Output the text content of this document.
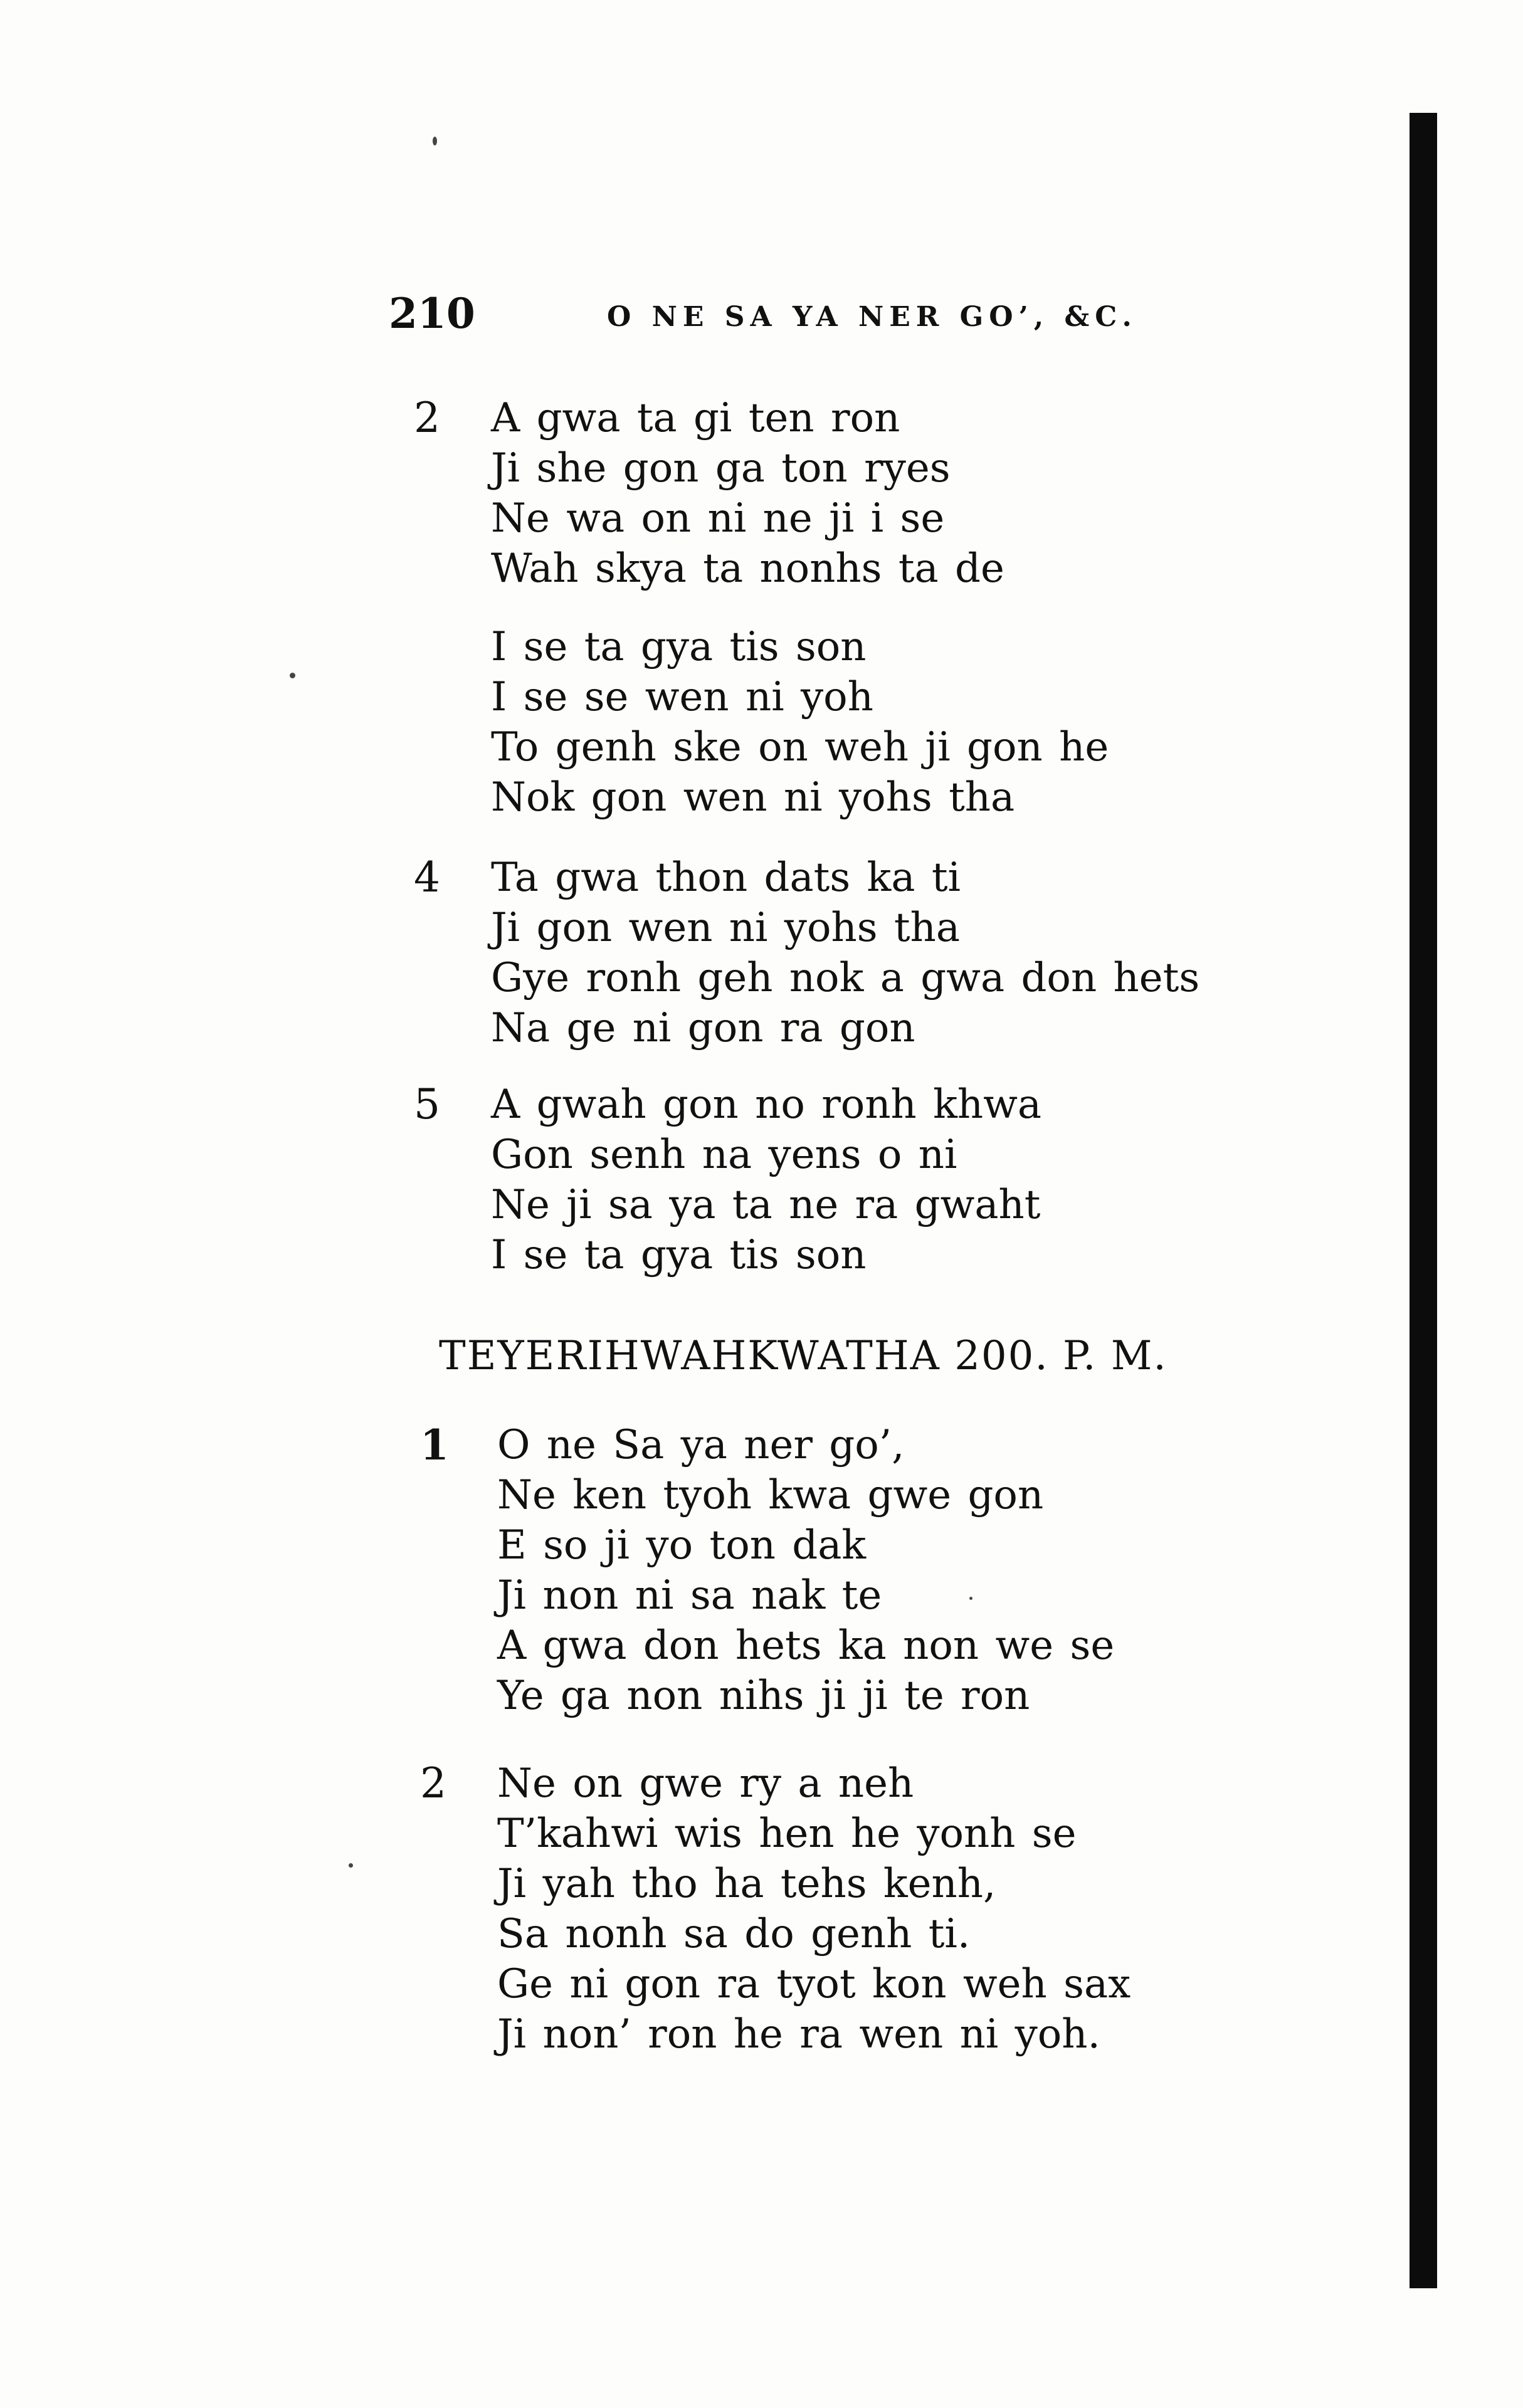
210	O NE SA YA NER GO’, &C.
2 A gwa ta gi ten ron
Ji she gon ga ton ryes
Ne wa on ni ne ji i se
Wah skya ta nonhs ta de
I se ta gya tis son
I se se wen ni yoh
To genh ske on weh ji gon he
Nok gon wen ni yohs tha
4 Ta gwa thon dats ka ti
Ji gon wen ni yohs tha
Gye ronh geh nok a gwa don hets
Na ge ni gon ra gon
5 A gwah gon no ronh khwa
Gon senh na yens o ni
Ne ji sa ya ta ne ra gwaht
I se ta gya tis son
TEYERIHWAHKWATHA 200. P. M.
1 O ne Sa ya ner go’,
Ne ken tyoh kwa gwe gon
E so ji yo ton dak
Ji non ni sa nak te
A gwa don hets ka non we se
Ye ga non nihs ji ji te ron
2 Ne on gwe ry a neh
T’kahwi wis hen he yonh se
Ji yah tho ha tehs kenh,
Sa nonh sa do genh ti.
Ge ni gon ra tyot kon weh sax
Ji non’ ron he ra wen ni yoh.
